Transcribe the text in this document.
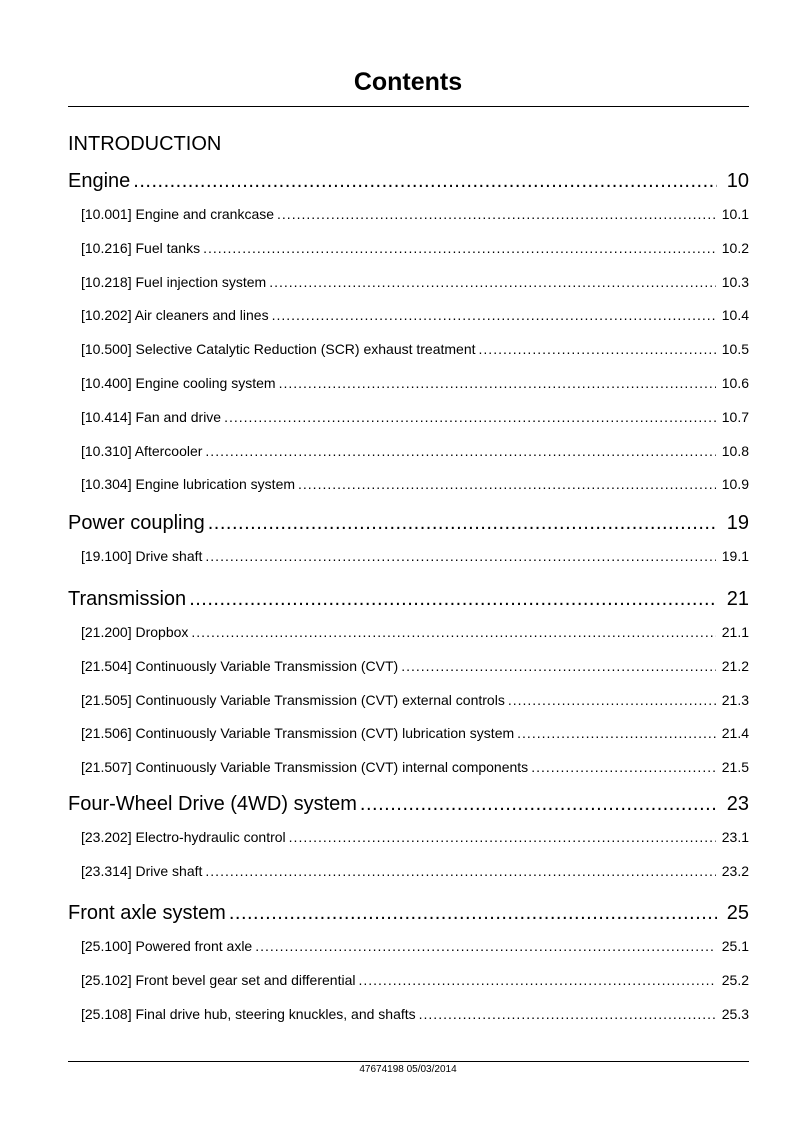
Contents
INTRODUCTION
Engine .....	10
[10.001] Engine and crankcase .....	10.1
[10.216] Fuel tanks .....	10.2
[10.218] Fuel injection system .....	10.3
[10.202] Air cleaners and lines .....	10.4
[10.500] Selective Catalytic Reduction (SCR) exhaust treatment .....	10.5
[10.400] Engine cooling system .....	10.6
[10.414] Fan and drive .....	10.7
[10.310] Aftercooler .....	10.8
[10.304] Engine lubrication system .....	10.9
Power coupling .....	19
[19.100] Drive shaft .....	19.1
Transmission .....	21
[21.200] Dropbox .....	21.1
[21.504] Continuously Variable Transmission (CVT) .....	21.2
[21.505] Continuously Variable Transmission (CVT) external controls .....	21.3
[21.506] Continuously Variable Transmission (CVT) lubrication system .....	21.4
[21.507] Continuously Variable Transmission (CVT) internal components .....	21.5
Four-Wheel Drive (4WD) system .....	23
[23.202] Electro-hydraulic control .....	23.1
[23.314] Drive shaft .....	23.2
Front axle system .....	25
[25.100] Powered front axle .....	25.1
[25.102] Front bevel gear set and differential .....	25.2
[25.108] Final drive hub, steering knuckles, and shafts .....	25.3
47674198 05/03/2014
